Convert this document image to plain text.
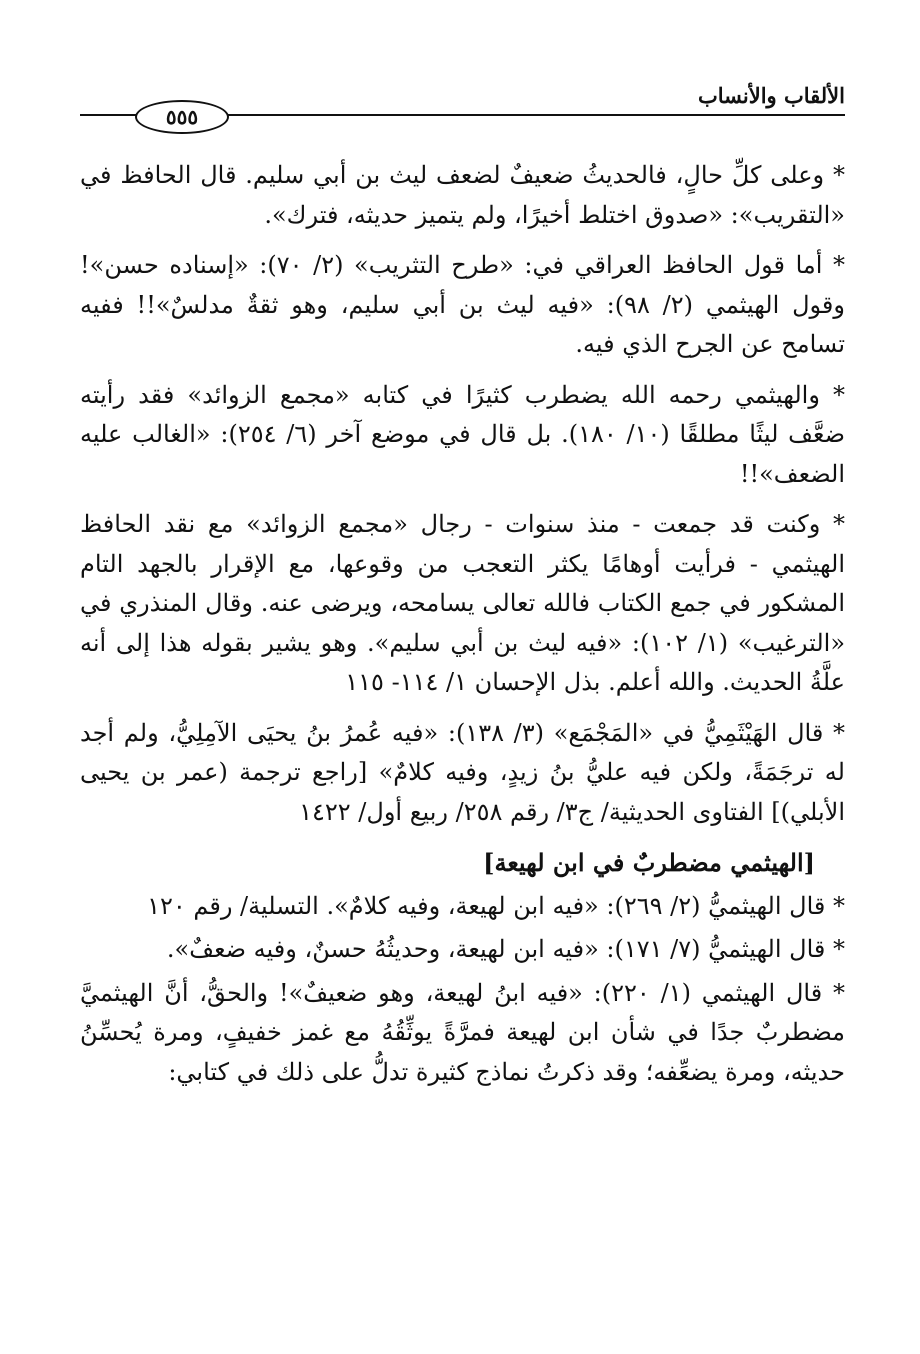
الألقاب والأنساب
٥٥٥

* وعلى كلِّ حالٍ، فالحديثُ ضعيفٌ لضعف ليث بن أبي سليم. قال الحافظ في «التقريب»: «صدوق اختلط أخيرًا، ولم يتميز حديثه، فترك».

* أما قول الحافظ العراقي في: «طرح التثريب» (٢/ ٧٠): «إسناده حسن»! وقول الهيثمي (٢/ ٩٨): «فيه ليث بن أبي سليم، وهو ثقةٌ مدلسٌ»!! ففيه تسامح عن الجرح الذي فيه.

* والهيثمي رحمه الله يضطرب كثيرًا في كتابه «مجمع الزوائد» فقد رأيته ضعَّف ليثًا مطلقًا (١٠/ ١٨٠). بل قال في موضع آخر (٦/ ٢٥٤): «الغالب عليه الضعف»!!

* وكنت قد جمعت - منذ سنوات - رجال «مجمع الزوائد» مع نقد الحافظ الهيثمي - فرأيت أوهامًا يكثر التعجب من وقوعها، مع الإقرار بالجهد التام المشكور في جمع الكتاب فالله تعالى يسامحه، ويرضى عنه. وقال المنذري في «الترغيب» (١/ ١٠٢): «فيه ليث بن أبي سليم». وهو يشير بقوله هذا إلى أنه علَّةُ الحديث. والله أعلم. بذل الإحسان ١/ ١١٤- ١١٥

* قال الهَيْثَمِيُّ في «المَجْمَع» (٣/ ١٣٨): «فيه عُمرُ بنُ يحيَى الآمِلِيُّ، ولم أجد له ترجَمَةً، ولكن فيه عليُّ بنُ زيدٍ، وفيه كلامٌ» [راجع ترجمة (عمر بن يحيى الأبلي)] الفتاوى الحديثية/ ج٣/ رقم ٢٥٨/ ربيع أول/ ١٤٢٢

[الهيثمي مضطربٌ في ابن لهيعة]

* قال الهيثميُّ (٢/ ٢٦٩): «فيه ابن لهيعة، وفيه كلامٌ». التسلية/ رقم ١٢٠

* قال الهيثميُّ (٧/ ١٧١): «فيه ابن لهيعة، وحديثُهُ حسنٌ، وفيه ضعفٌ».

* قال الهيثمي (١/ ٢٢٠): «فيه ابنُ لهيعة، وهو ضعيفٌ»! والحقُّ، أنَّ الهيثميَّ مضطربٌ جدًا في شأن ابن لهيعة فمرَّةً يوثِّقُهُ مع غمز خفيفٍ، ومرة يُحسِّنُ حديثه، ومرة يضعِّفه؛ وقد ذكرتُ نماذج كثيرة تدلُّ على ذلك في كتابي:
